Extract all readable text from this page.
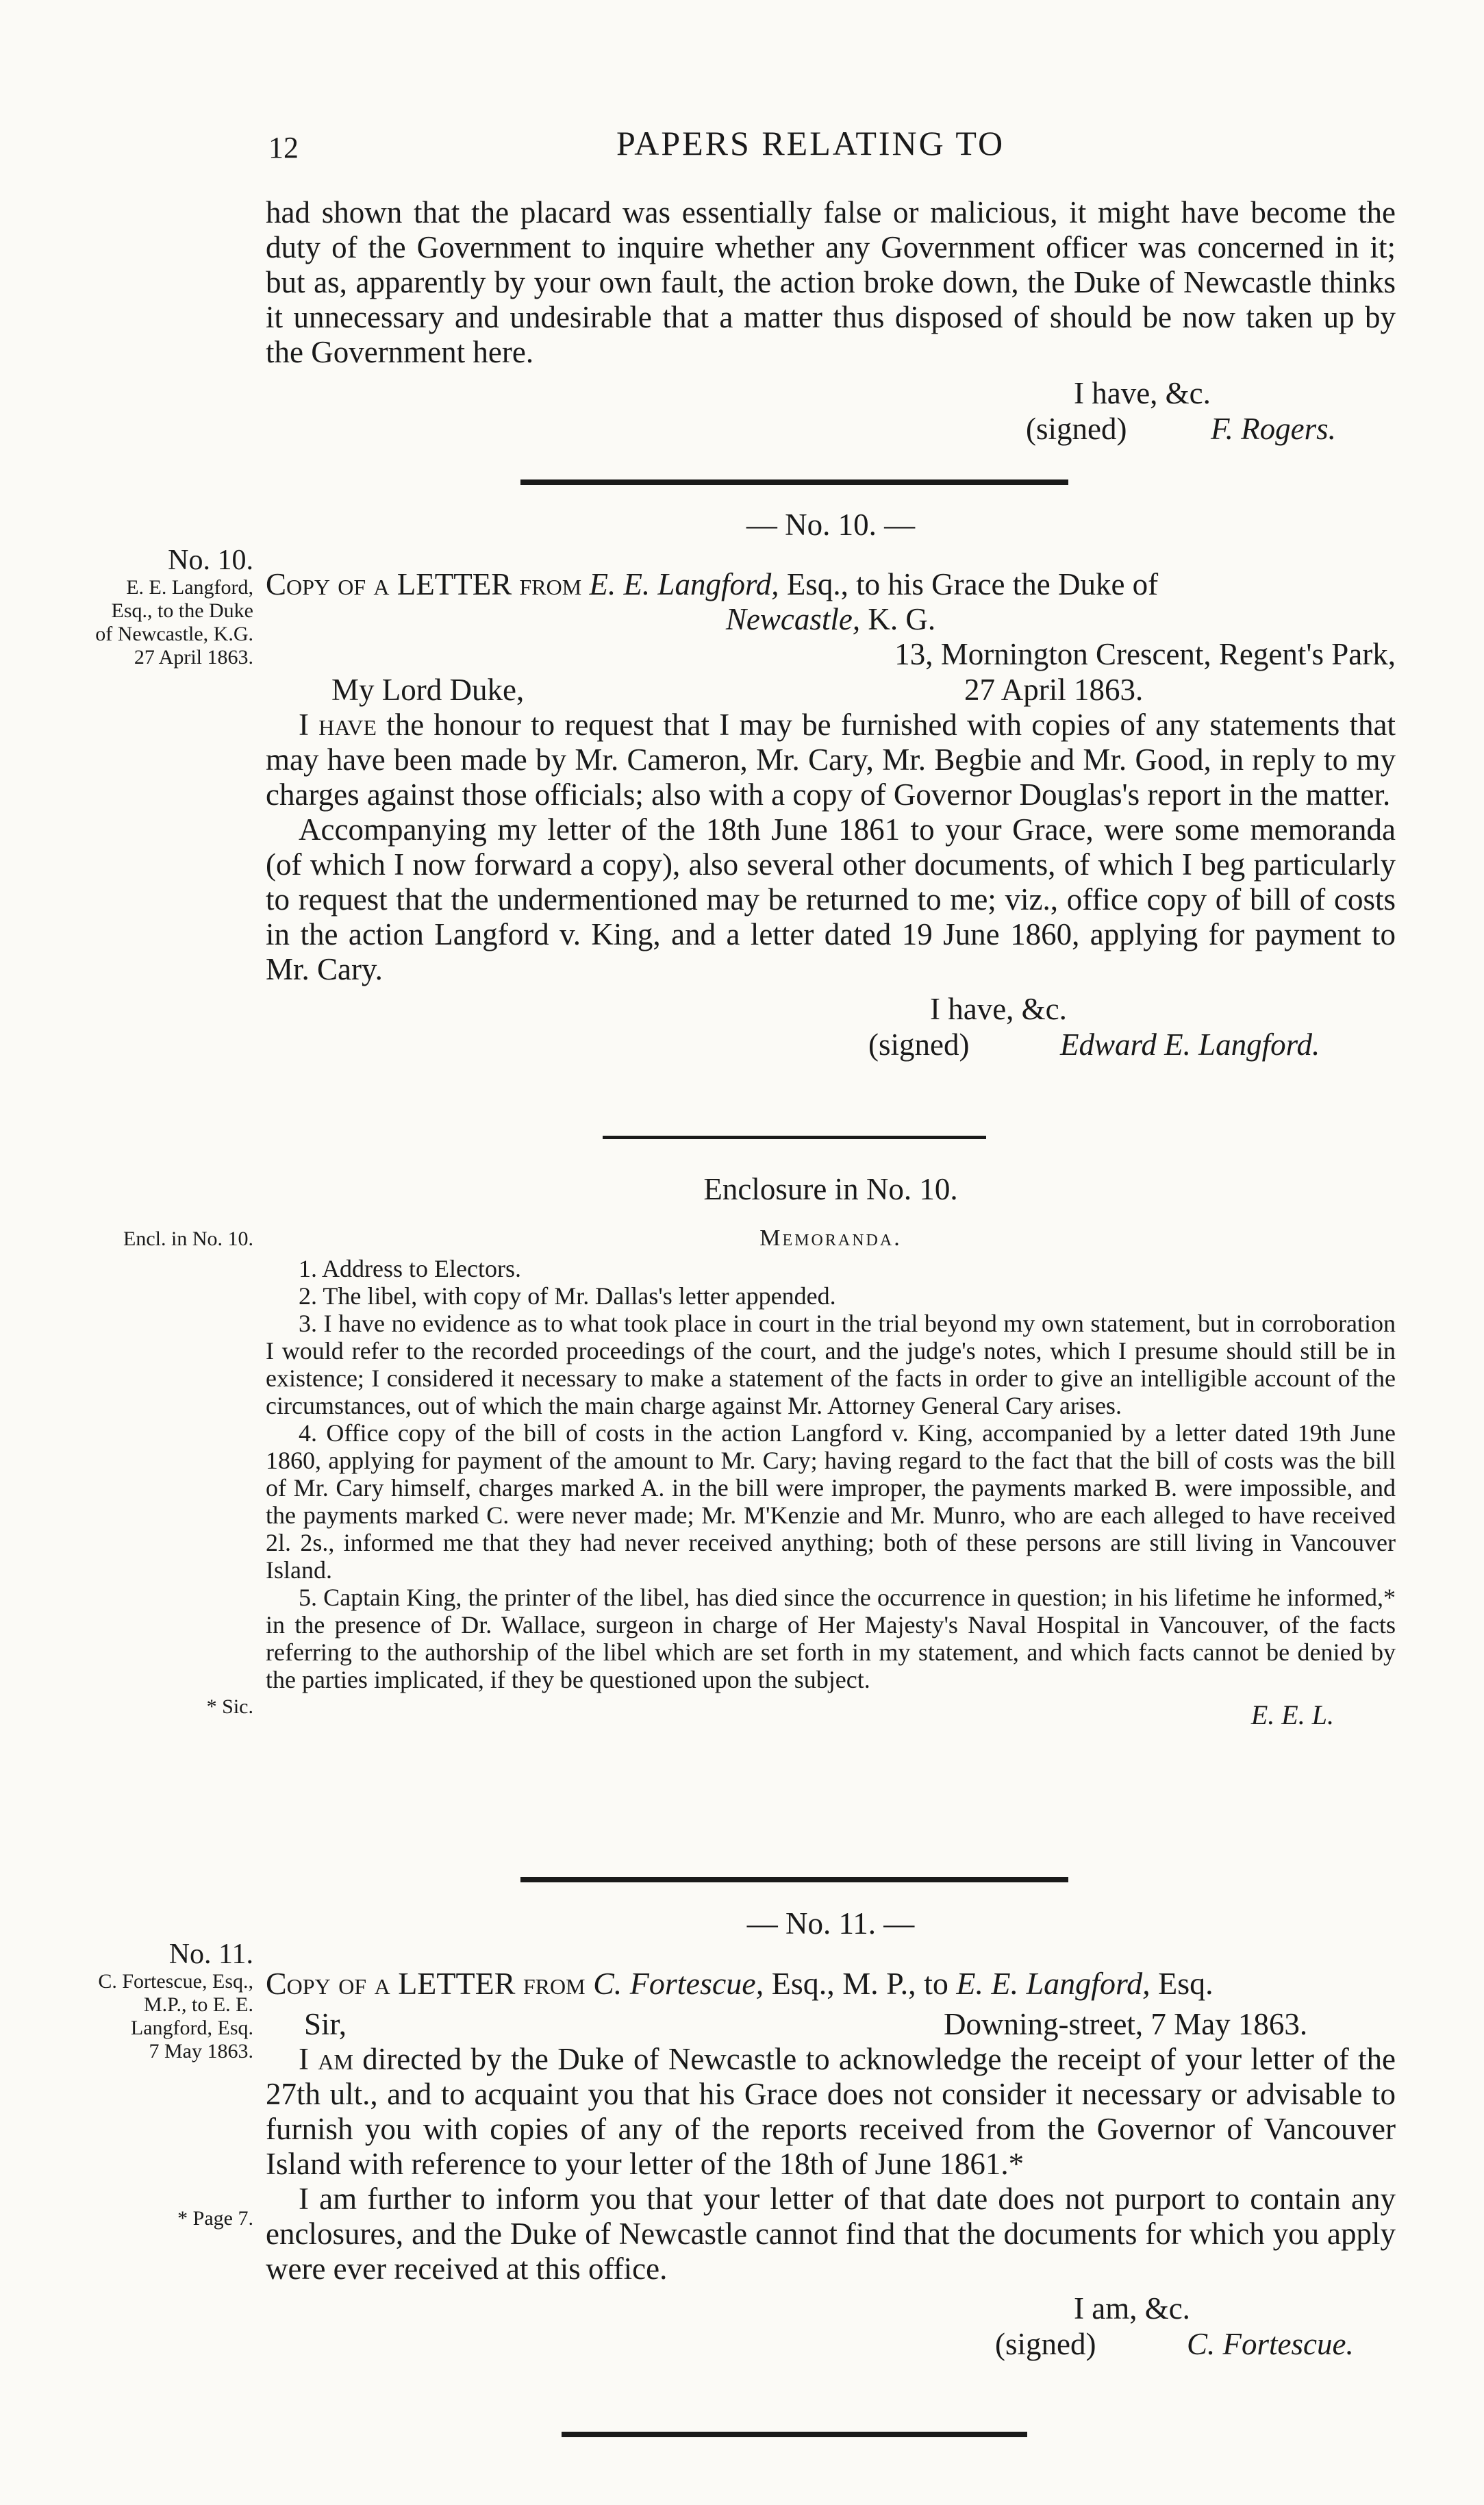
12	PAPERS RELATING TO

had shown that the placard was essentially false or malicious, it might have become the duty of the Government to inquire whether any Government officer was concerned in it; but as, apparently by your own fault, the action broke down, the Duke of Newcastle thinks it unnecessary and undesirable that a matter thus disposed of should be now taken up by the Government here.

I have, &c.
(signed)	F. Rogers.
— No. 10. —
No. 10.
E. E. Langford,
Esq., to the Duke
of Newcastle, K.G.
27 April 1863.

Copy of a LETTER from E. E. Langford, Esq., to his Grace the Duke of

Newcastle, K. G.

13, Mornington Crescent, Regent's Park,

My Lord Duke,	27 April 1863.

I have the honour to request that I may be furnished with copies of any statements that may have been made by Mr. Cameron, Mr. Cary, Mr. Begbie and Mr. Good, in reply to my charges against those officials; also with a copy of Governor Douglas's report in the matter.

Accompanying my letter of the 18th June 1861 to your Grace, were some memoranda (of which I now forward a copy), also several other documents, of which I beg particularly to request that the undermentioned may be returned to me; viz., office copy of bill of costs in the action Langford v. King, and a letter dated 19 June 1860, applying for payment to Mr. Cary.

I have, &c.
(signed)	Edward E. Langford.
Enclosure in No. 10.
Encl. in No. 10.
* Sic.
Memoranda.

1. Address to Electors.

2. The libel, with copy of Mr. Dallas's letter appended.

3. I have no evidence as to what took place in court in the trial beyond my own statement, but in corroboration I would refer to the recorded proceedings of the court, and the judge's notes, which I presume should still be in existence; I considered it necessary to make a statement of the facts in order to give an intelligible account of the circumstances, out of which the main charge against Mr. Attorney General Cary arises.

4. Office copy of the bill of costs in the action Langford v. King, accompanied by a letter dated 19th June 1860, applying for payment of the amount to Mr. Cary; having regard to the fact that the bill of costs was the bill of Mr. Cary himself, charges marked A. in the bill were improper, the payments marked B. were impossible, and the payments marked C. were never made; Mr. M'Kenzie and Mr. Munro, who are each alleged to have received 2l. 2s., informed me that they had never received anything; both of these persons are still living in Vancouver Island.

5. Captain King, the printer of the libel, has died since the occurrence in question; in his lifetime he informed,* in the presence of Dr. Wallace, surgeon in charge of Her Majesty's Naval Hospital in Vancouver, of the facts referring to the authorship of the libel which are set forth in my statement, and which facts cannot be denied by the parties implicated, if they be questioned upon the subject.

E. E. L.
— No. 11. —
No. 11.
C. Fortescue, Esq.,
M.P., to E. E.
Langford, Esq.
7 May 1863.
* Page 7.

Copy of a LETTER from C. Fortescue, Esq., M. P., to E. E. Langford, Esq.

Sir,	Downing-street, 7 May 1863.

I am directed by the Duke of Newcastle to acknowledge the receipt of your letter of the 27th ult., and to acquaint you that his Grace does not consider it necessary or advisable to furnish you with copies of any of the reports received from the Governor of Vancouver Island with reference to your letter of the 18th of June 1861.*

I am further to inform you that your letter of that date does not purport to contain any enclosures, and the Duke of Newcastle cannot find that the documents for which you apply were ever received at this office.

I am, &c.
(signed)	C. Fortescue.
